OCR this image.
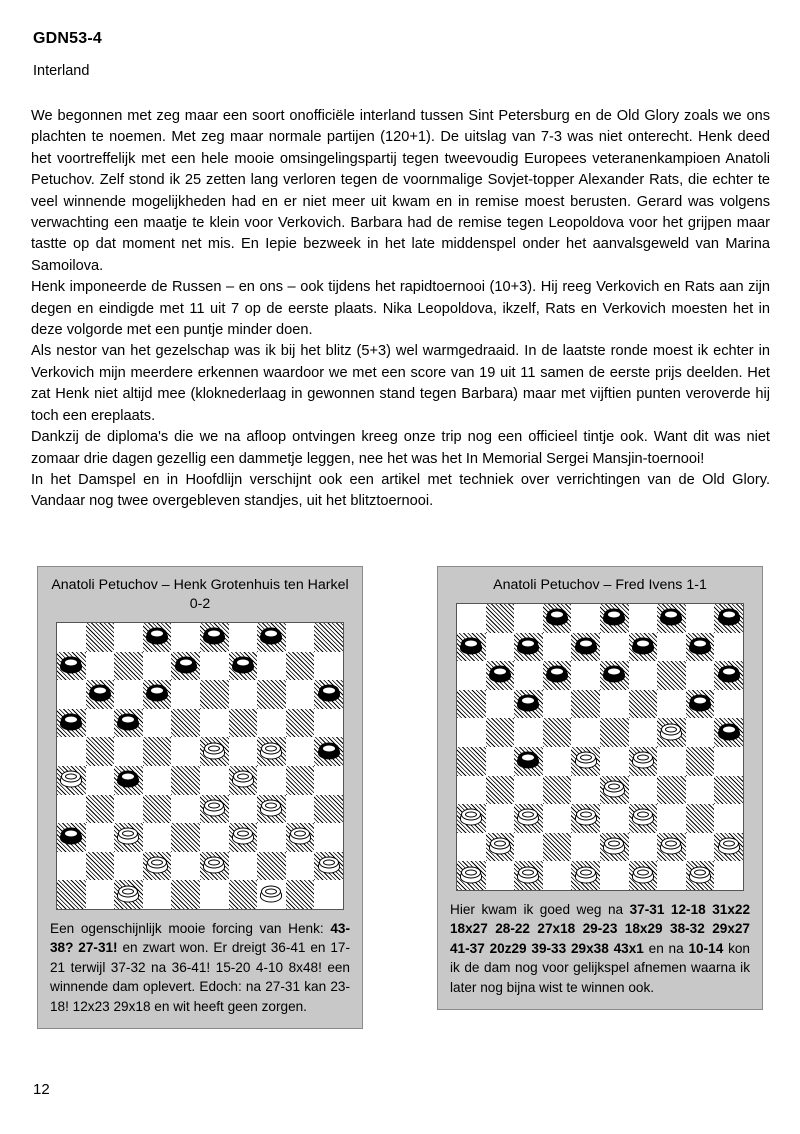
GDN53-4
Interland

We begonnen met zeg maar een soort onofficiële interland tussen Sint Petersburg en de Old Glory zoals we ons plachten te noemen. Met zeg maar normale partijen (120+1). De uitslag van 7-3 was niet onterecht. Henk deed het voortreffelijk met een hele mooie omsingelingspartij tegen tweevoudig Europees veteranenkampioen Anatoli Petuchov. Zelf stond ik 25 zetten lang verloren tegen de voornmalige Sovjet-topper Alexander Rats, die echter te veel winnende mogelijkheden had en er niet meer uit kwam en in remise moest berusten. Gerard was volgens verwachting een maatje te klein voor Verkovich. Barbara had de remise tegen Leopoldova voor het grijpen maar tastte op dat moment net mis. En Iepie bezweek in het late middenspel onder het aanvalsgeweld van Marina Samoilova.

Henk imponeerde de Russen – en ons – ook tijdens het rapidtoernooi (10+3). Hij reeg Verkovich en Rats aan zijn degen en eindigde met 11 uit 7 op de eerste plaats. Nika Leopoldova, ikzelf, Rats en Verkovich moesten het in deze volgorde met een puntje minder doen.

Als nestor van het gezelschap was ik bij het blitz (5+3) wel warmgedraaid. In de laatste ronde moest ik echter in Verkovich mijn meerdere erkennen waardoor we met een score van 19 uit 11 samen de eerste prijs deelden. Het zat Henk niet altijd mee (kloknederlaag in gewonnen stand tegen Barbara) maar met vijftien punten veroverde hij toch een ereplaats.

Dankzij de diploma's die we na afloop ontvingen kreeg onze trip nog een officieel tintje ook. Want dit was niet zomaar drie dagen gezellig een dammetje leggen, nee het was het In Memorial Sergei Mansjin-toernooi!

In het Damspel en in Hoofdlijn verschijnt ook een artikel met techniek over verrichtingen van de Old Glory. Vandaar nog twee overgebleven standjes, uit het blitztoernooi.

Anatoli Petuchov – Henk Grotenhuis ten Harkel 0-2
Een ogenschijnlijk mooie forcing van Henk: 43-38? 27-31! en zwart won. Er dreigt 36-41 en 17-21 terwijl 37-32 na 36-41! 15-20 4-10 8x48! een winnende dam oplevert. Edoch: na 27-31 kan 23-18! 12x23 29x18 en wit heeft geen zorgen.
Anatoli Petuchov – Fred Ivens 1-1
Hier kwam ik goed weg na 37-31 12-18 31x22 18x27 28-22 27x18 29-23 18x29 38-32 29x27 41-37 20z29 39-33 29x38 43x1 en na 10-14 kon ik de dam nog voor gelijkspel afnemen waarna ik later nog bijna wist te winnen ook.
12
